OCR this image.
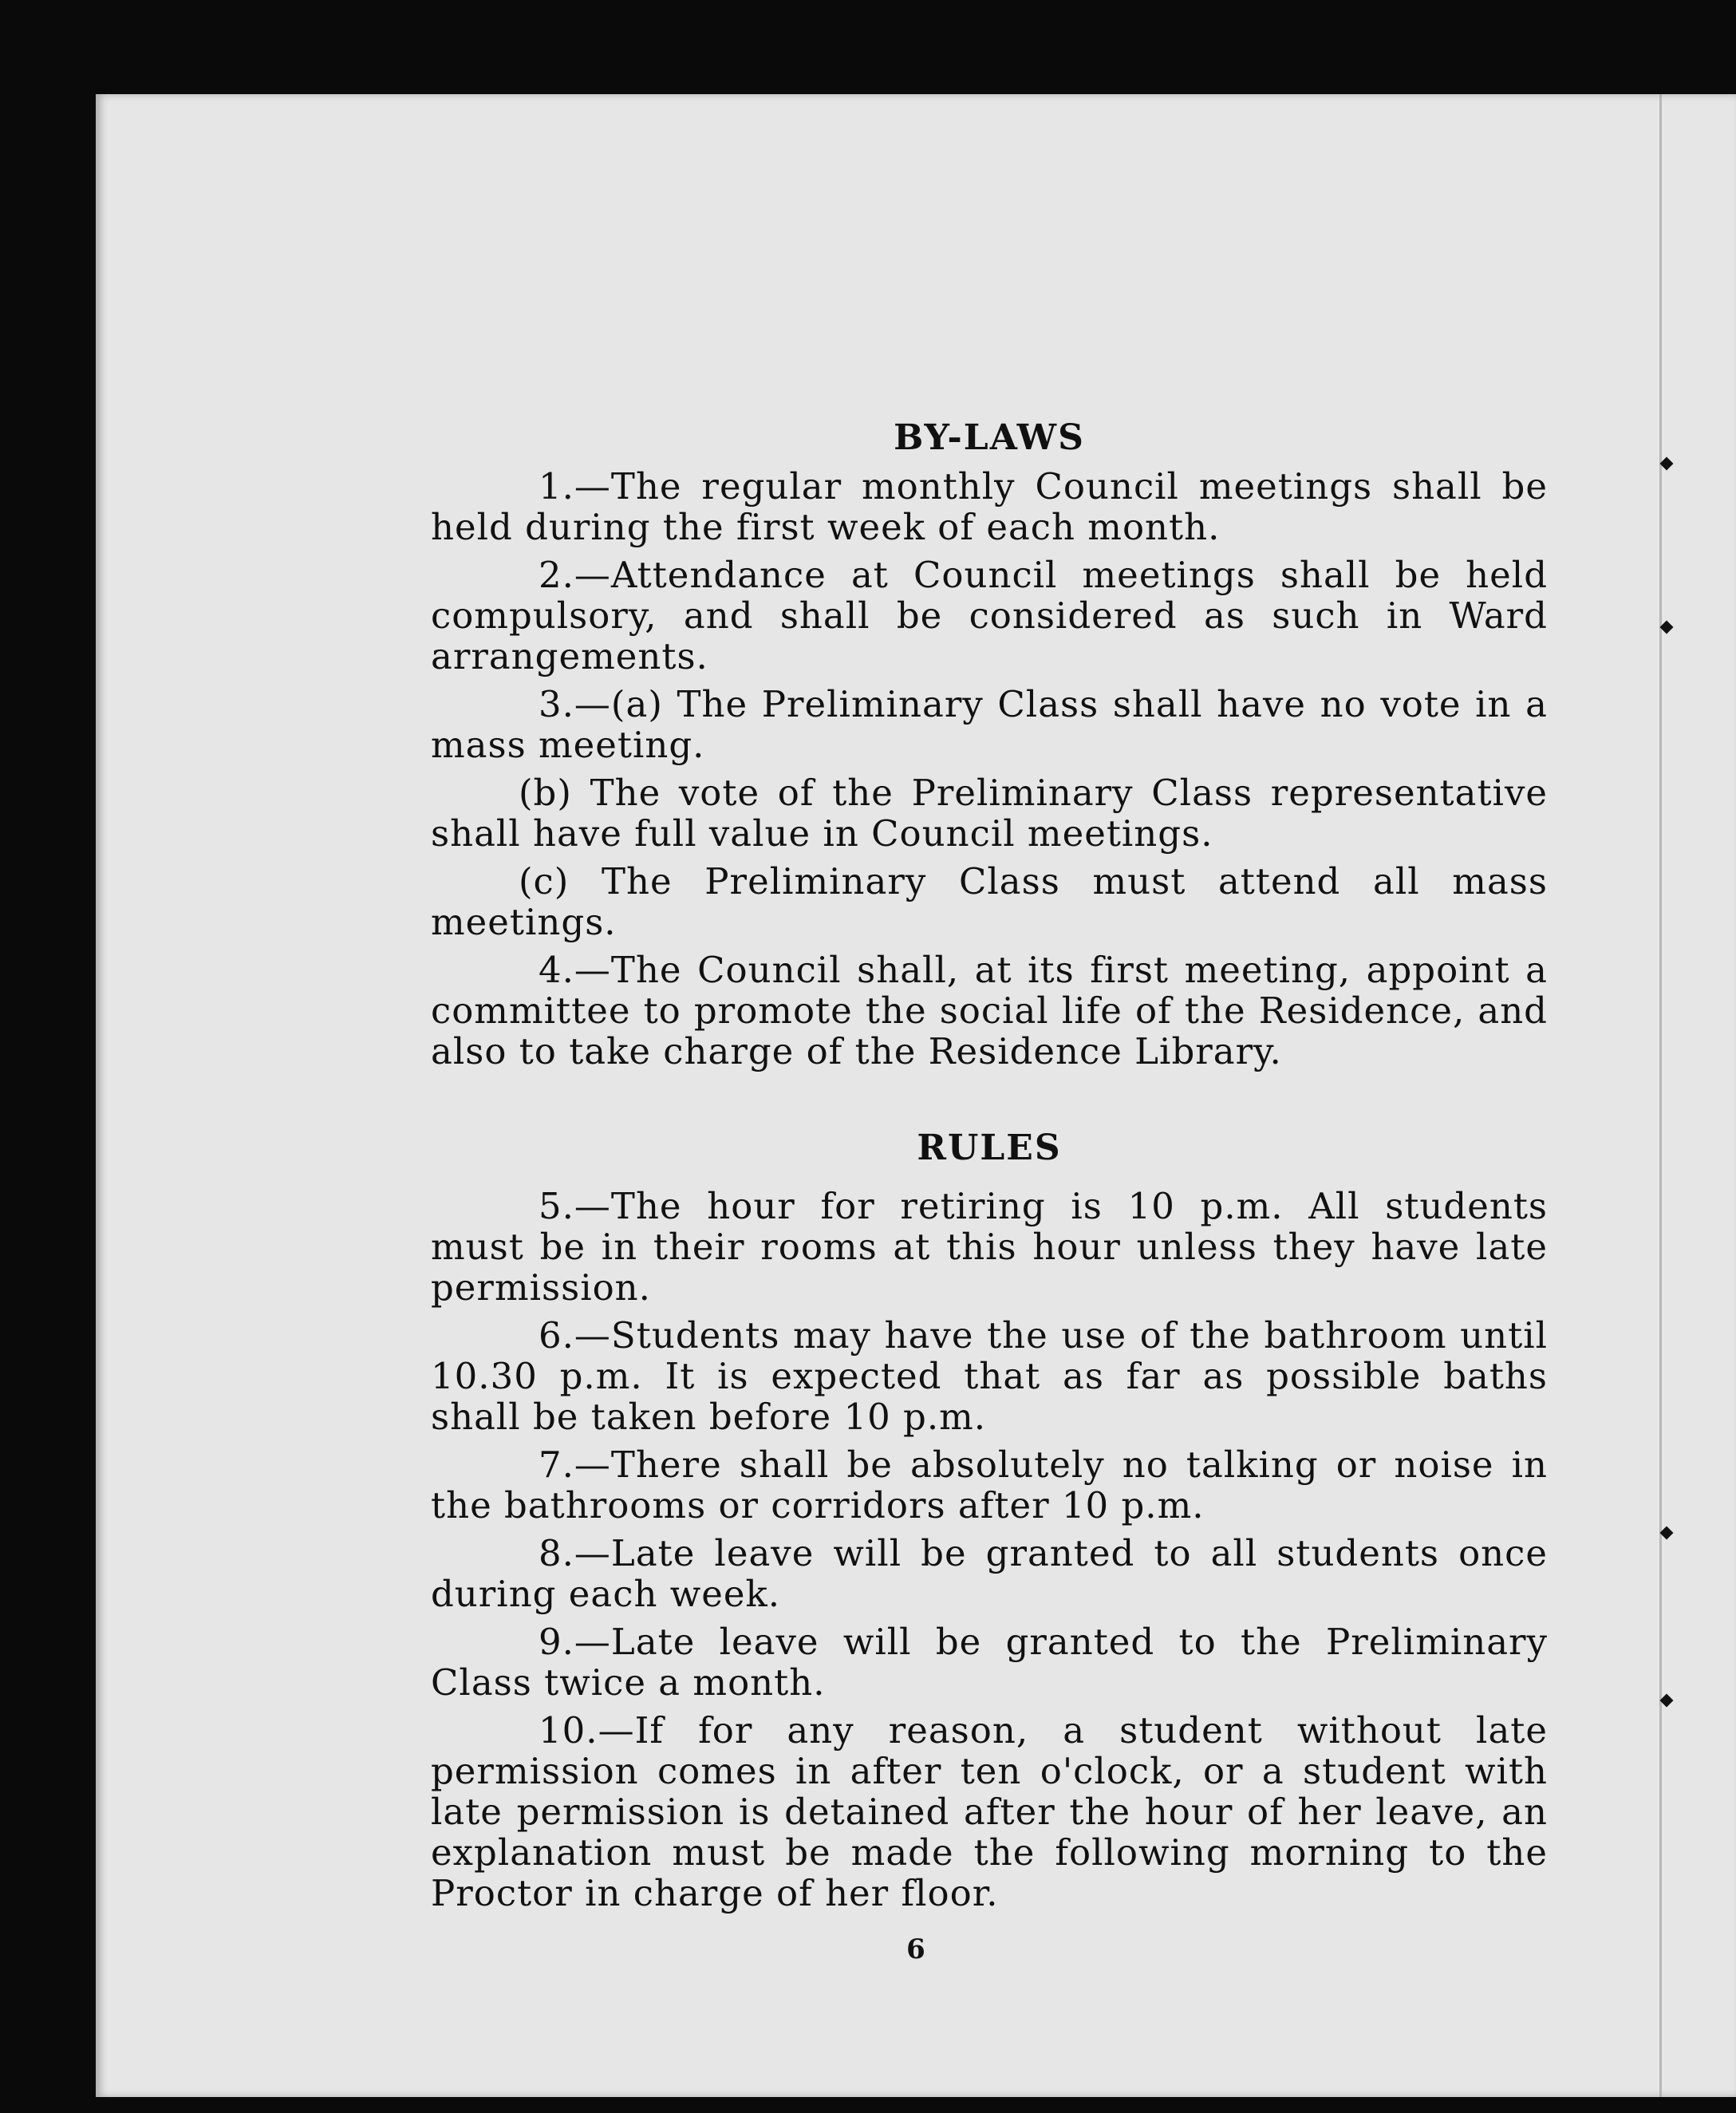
BY-LAWS

1.—The regular monthly Council meetings shall be held during the first week of each month.

2.—Attendance at Council meetings shall be held compulsory, and shall be considered as such in Ward arrangements.

3.—(a) The Preliminary Class shall have no vote in a mass meeting.

(b) The vote of the Preliminary Class representative shall have full value in Council meetings.

(c) The Preliminary Class must attend all mass meetings.

4.—The Council shall, at its first meeting, appoint a committee to promote the social life of the Residence, and also to take charge of the Residence Library.

RULES

5.—The hour for retiring is 10 p.m. All students must be in their rooms at this hour unless they have late permission.

6.—Students may have the use of the bathroom until 10.30 p.m. It is expected that as far as possible baths shall be taken before 10 p.m.

7.—There shall be absolutely no talking or noise in the bathrooms or corridors after 10 p.m.

8.—Late leave will be granted to all students once during each week.

9.—Late leave will be granted to the Preliminary Class twice a month.

10.—If for any reason, a student without late permission comes in after ten o'clock, or a student with late permission is detained after the hour of her leave, an explanation must be made the following morning to the Proctor in charge of her floor.

6
